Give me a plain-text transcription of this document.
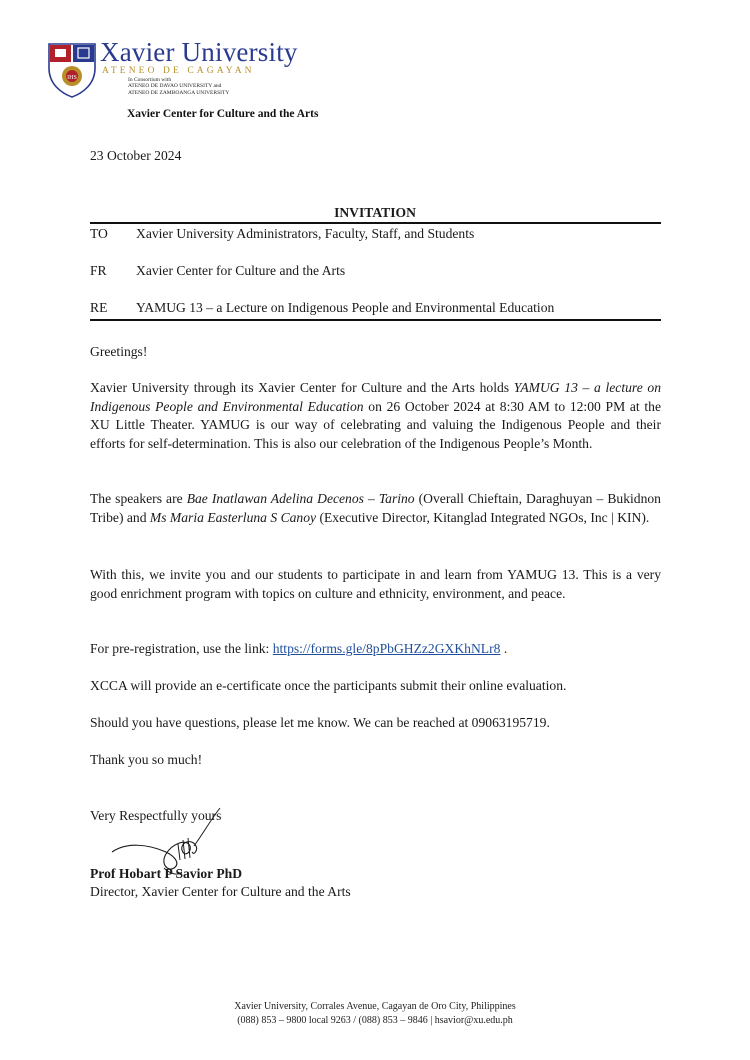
IHS
Xavier University
ATENEO DE CAGAYAN
In Consortium with
ATENEO DE DAVAO UNIVERSITY and
ATENEO DE ZAMBOANGA UNIVERSITY
Xavier Center for Culture and the Arts
23 October 2024
INVITATION
TO Xavier University Administrators, Faculty, Staff, and Students
FR Xavier Center for Culture and the Arts
RE YAMUG 13 – a Lecture on Indigenous People and Environmental Education
Greetings!

Xavier University through its Xavier Center for Culture and the Arts holds YAMUG 13 – a lecture on Indigenous People and Environmental Education on 26 October 2024 at 8:30 AM to 12:00 PM at the XU Little Theater. YAMUG is our way of celebrating and valuing the Indigenous People and their efforts for self-determination. This is also our celebration of the Indigenous People’s Month.

The speakers are Bae Inatlawan Adelina Decenos – Tarino (Overall Chieftain, Daraghuyan – Bukidnon Tribe) and Ms Maria Easterluna S Canoy (Executive Director, Kitanglad Integrated NGOs, Inc | KIN).

With this, we invite you and our students to participate in and learn from YAMUG 13. This is a very good enrichment program with topics on culture and ethnicity, environment, and peace.

For pre-registration, use the link: https://forms.gle/8pPbGHZz2GXKhNLr8 .

XCCA will provide an e-certificate once the participants submit their online evaluation.
Should you have questions, please let me know. We can be reached at 09063195719.
Thank you so much!
Very Respectfully yours
Prof Hobart P Savior PhD
Director, Xavier Center for Culture and the Arts
Xavier University, Corrales Avenue, Cagayan de Oro City, Philippines
(088) 853 – 9800 local 9263 / (088) 853 – 9846 | hsavior@xu.edu.ph
